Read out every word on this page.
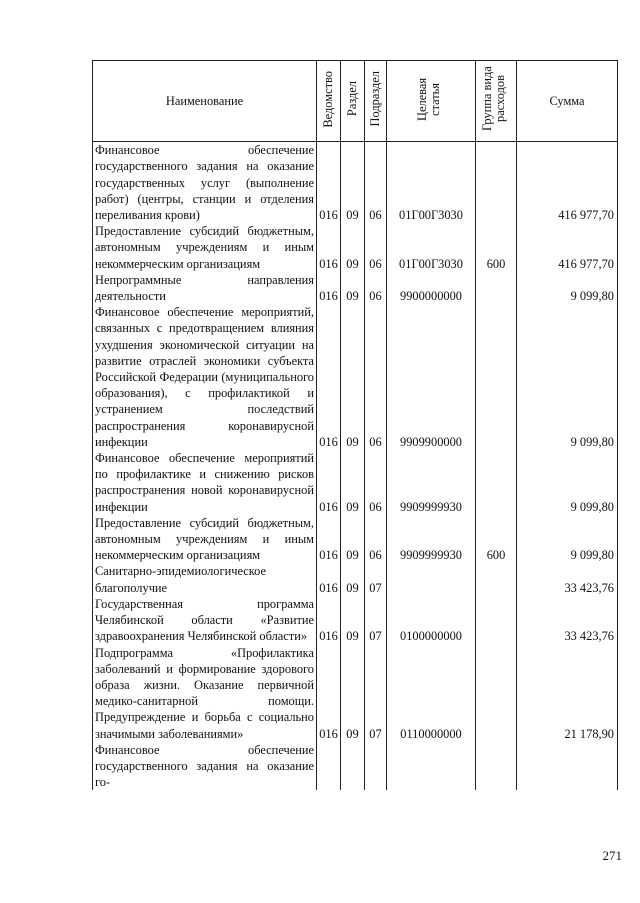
Наименование	Ведомство	Раздел	Подраздел	Целевая статья	Группа вида расходов	Сумма
Финансовое обеспечение государственного задания на оказание государственных услуг (выполнение работ) (центры, станции и отделения переливания крови)	016	09	06	01Г00Г3030		416 977,70
Предоставление субсидий бюджетным, автономным учреждениям и иным некоммерческим организациям	016	09	06	01Г00Г3030	600	416 977,70
Непрограммные направления деятельности	016	09	06	9900000000		9 099,80
Финансовое обеспечение мероприятий, связанных с предотвращением влияния ухудшения экономической ситуации на развитие отраслей экономики субъекта Российской Федерации (муниципального образования), с профилактикой и устранением последствий распространения коронавирусной инфекции	016	09	06	9909900000		9 099,80
Финансовое обеспечение мероприятий по профилактике и снижению рисков распространения новой коронавирусной инфекции	016	09	06	9909999930		9 099,80
Предоставление субсидий бюджетным, автономным учреждениям и иным некоммерческим организациям	016	09	06	9909999930	600	9 099,80
Санитарно-эпидемиологическое благополучие	016	09	07			33 423,76
Государственная программа Челябинской области «Развитие здравоохранения Челябинской области»	016	09	07	0100000000		33 423,76
Подпрограмма «Профилактика заболеваний и формирование здорового образа жизни. Оказание первичной медико-санитарной помощи. Предупреждение и борьба с социально значимыми заболеваниями»	016	09	07	0110000000		21 178,90
Финансовое обеспечение государственного задания на оказание го-						
271
